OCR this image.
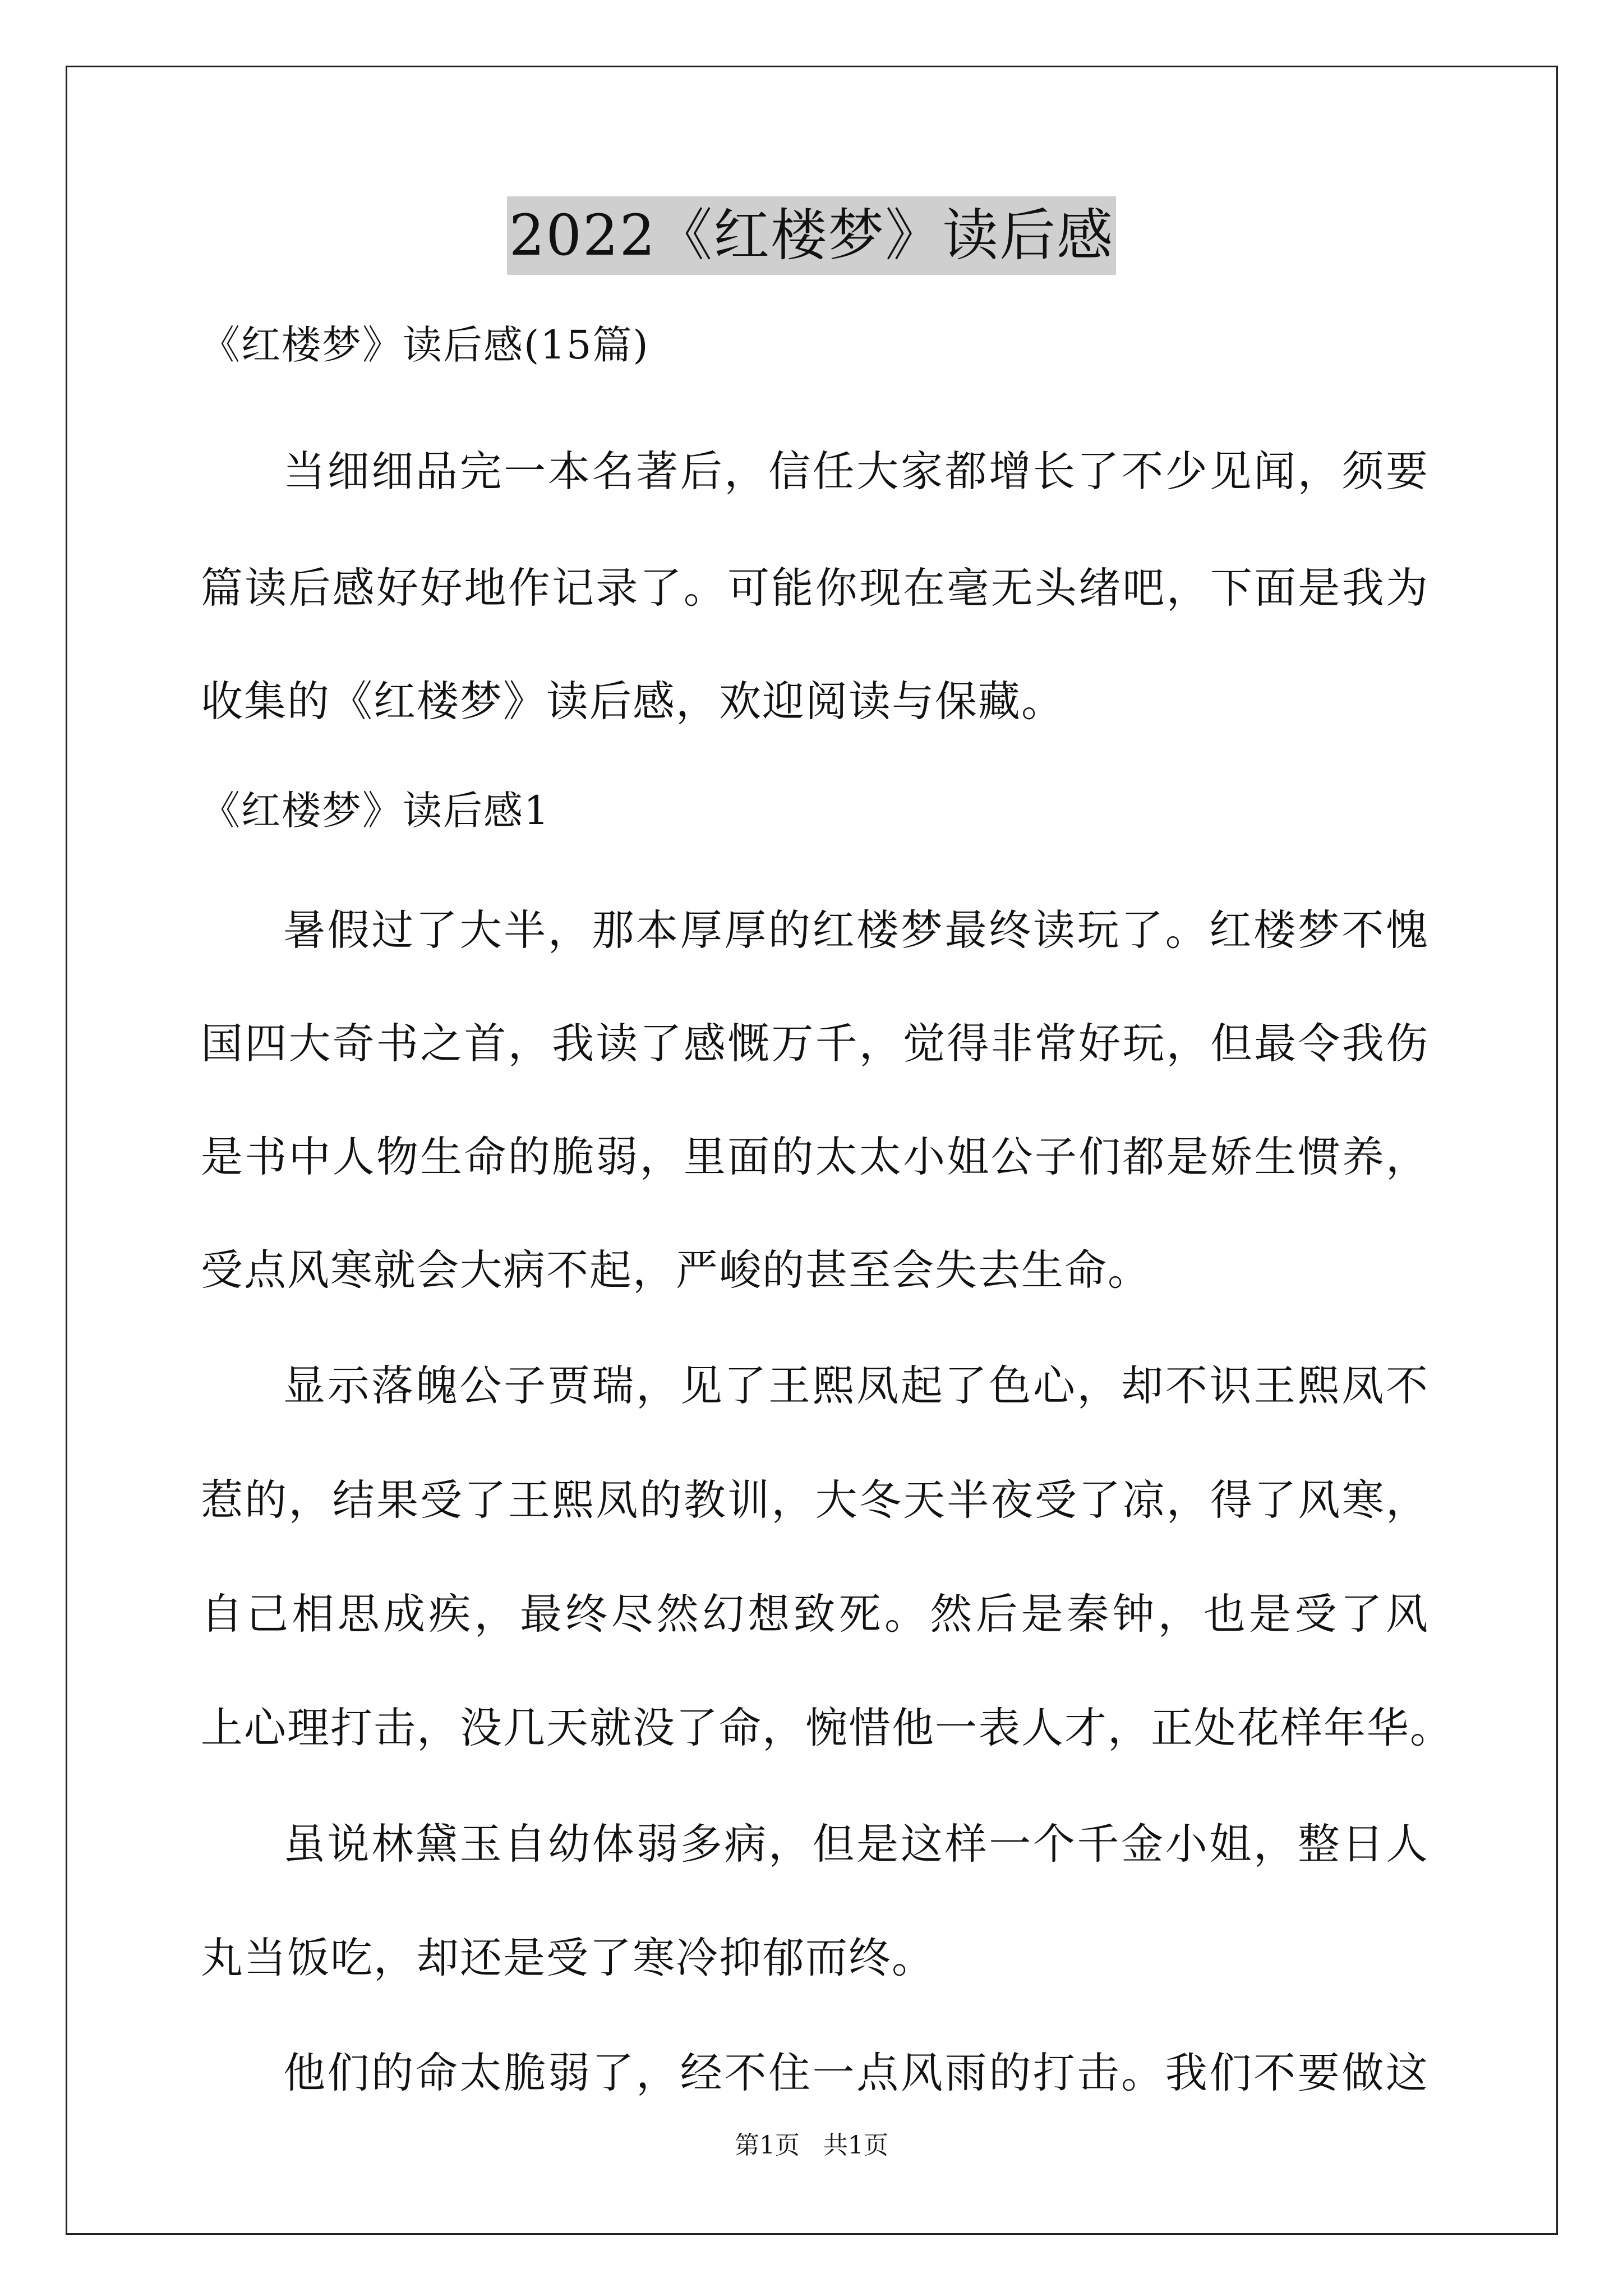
2022《红楼梦》读后感
《红楼梦》读后感(15篇)
当细细品完一本名著后，信任大家都增长了不少见闻，须要
篇读后感好好地作记录了。可能你现在毫无头绪吧，下面是我为
收集的《红楼梦》读后感，欢迎阅读与保藏。
《红楼梦》读后感1
暑假过了大半，那本厚厚的红楼梦最终读玩了。红楼梦不愧
国四大奇书之首，我读了感慨万千，觉得非常好玩，但最令我伤
是书中人物生命的脆弱，里面的太太小姐公子们都是娇生惯养，
受点风寒就会大病不起，严峻的甚至会失去生命。
显示落魄公子贾瑞，见了王熙凤起了色心，却不识王熙凤不
惹的，结果受了王熙凤的教训，大冬天半夜受了凉，得了风寒，
自己相思成疾，最终尽然幻想致死。然后是秦钟，也是受了风
上心理打击，没几天就没了命，惋惜他一表人才，正处花样年华。
虽说林黛玉自幼体弱多病，但是这样一个千金小姐，整日人
丸当饭吃，却还是受了寒冷抑郁而终。
他们的命太脆弱了，经不住一点风雨的打击。我们不要做这
第1页   共1页
